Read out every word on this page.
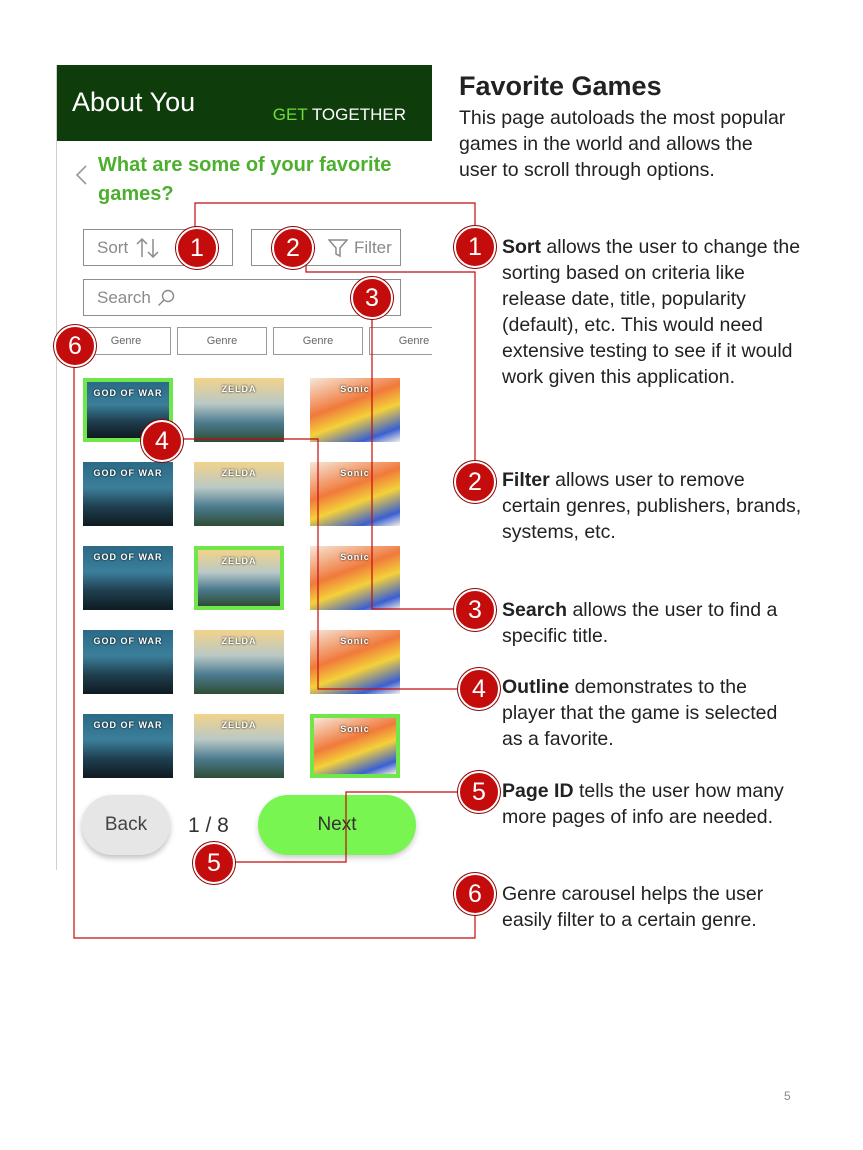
About You	GET TOGETHER
What are some of your favorite games?
Sort	Filter
Search
Genre	Genre	Genre	Genre
GOD OF WAR	ZELDA	Sonic
GOD OF WAR	ZELDA	Sonic
GOD OF WAR	ZELDA	Sonic
GOD OF WAR	ZELDA	Sonic
GOD OF WAR	ZELDA	Sonic
Back	1 / 8	Next
1	2
3
4
5
6
1
2
3
4
5
6
Favorite Games
This page autoloads the most popular games in the world and allows the user to scroll through options.
Sort allows the user to change the sorting based on criteria like release date, title, popularity (default), etc. This would need extensive testing to see if it would work given this application.
Filter allows user to remove certain genres, publishers, brands, systems, etc.
Search allows the user to find a specific title.
Outline demonstrates to the player that the game is selected as a favorite.
Page ID tells the user how many more pages of info are needed.
Genre carousel helps the user easily filter to a certain genre.
5
